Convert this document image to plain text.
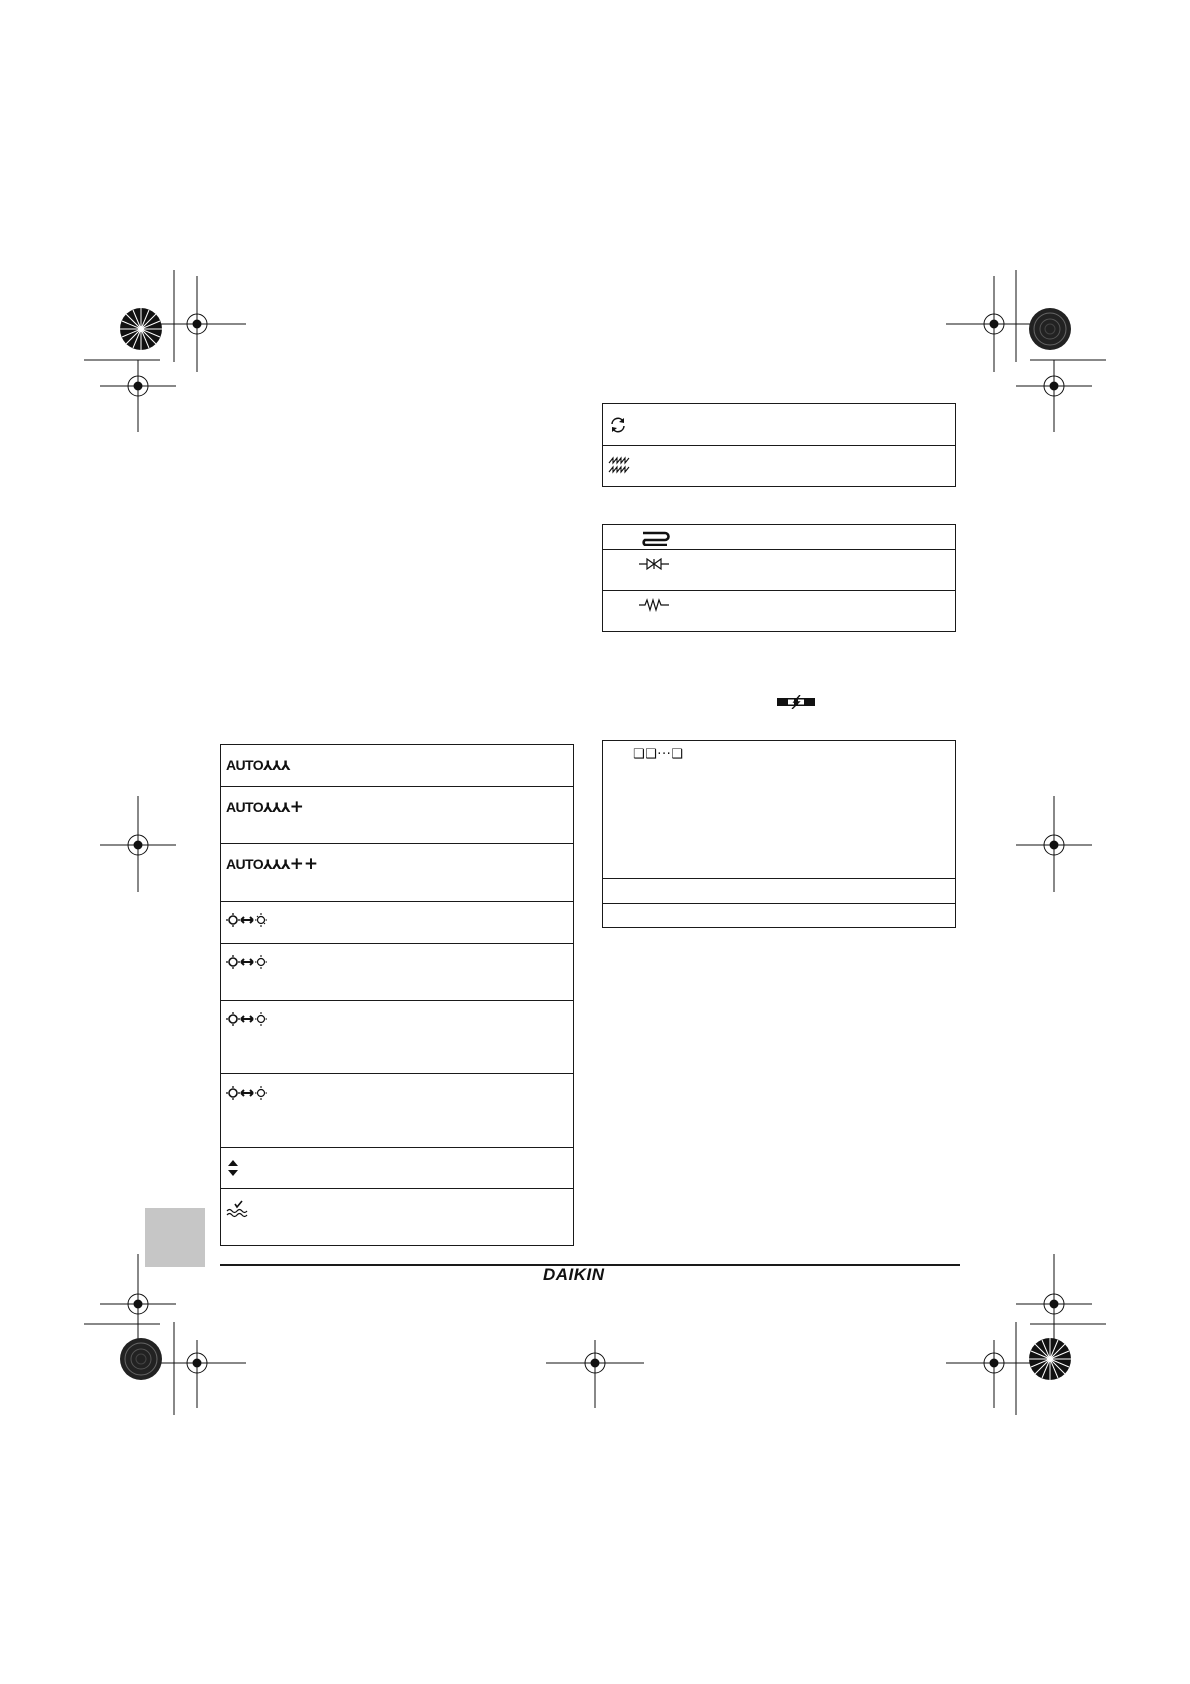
AUTO⅄⅄⅄
AUTO⅄⅄⅄+
AUTO⅄⅄⅄++
❑❑···❑
DAIKIN
